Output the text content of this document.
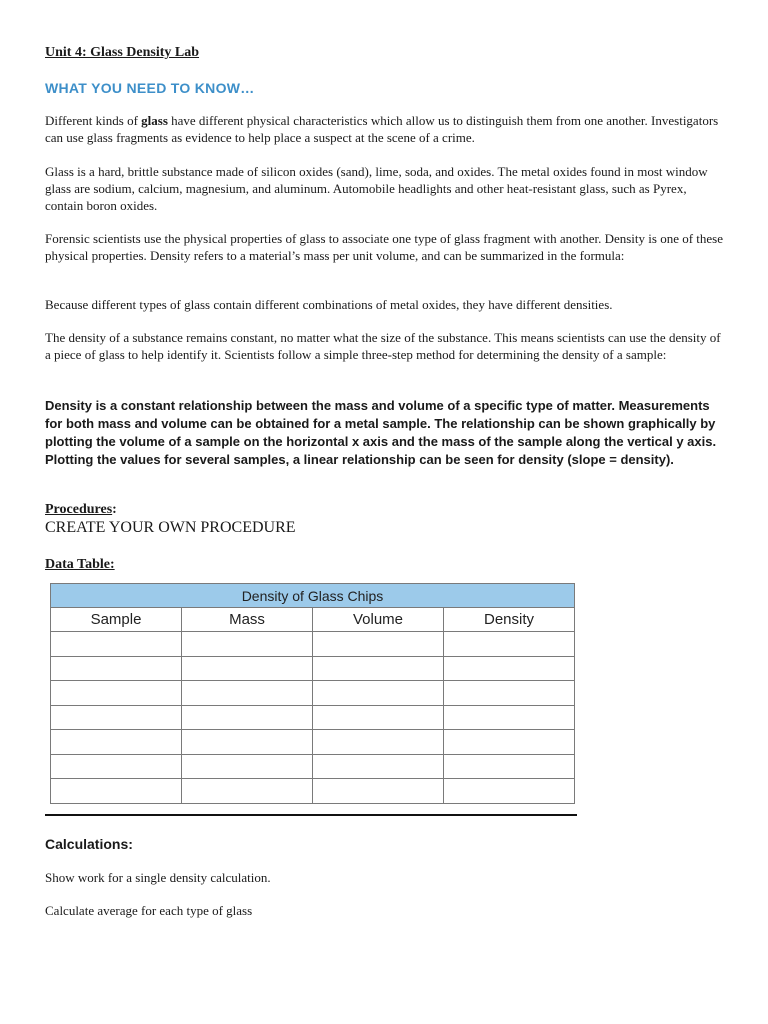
Unit 4: Glass Density Lab
WHAT YOU NEED TO KNOW…

Different kinds of glass have different physical characteristics which allow us to distinguish them from one another. Investigators can use glass fragments as evidence to help place a suspect at the scene of a crime.

Glass is a hard, brittle substance made of silicon oxides (sand), lime, soda, and oxides. The metal oxides found in most window glass are sodium, calcium, magnesium, and aluminum. Automobile headlights and other heat-resistant glass, such as Pyrex, contain boron oxides.

Forensic scientists use the physical properties of glass to associate one type of glass fragment with another. Density is one of these physical properties. Density refers to a material’s mass per unit volume, and can be summarized in the formula:

Because different types of glass contain different combinations of metal oxides, they have different densities.

The density of a substance remains constant, no matter what the size of the substance. This means scientists can use the density of a piece of glass to help identify it. Scientists follow a simple three-step method for determining the density of a sample:

Density is a constant relationship between the mass and volume of a specific type of matter. Measurements for both mass and volume can be obtained for a metal sample. The relationship can be shown graphically by plotting the volume of a sample on the horizontal x axis and the mass of the sample along the vertical y axis. Plotting the values for several samples, a linear relationship can be seen for density (slope = density).

Procedures:
CREATE YOUR OWN PROCEDURE
Data Table:
Density of Glass Chips			
Sample	Mass	Volume	Density

Calculations:
Show work for a single density calculation.
Calculate average for each type of glass
